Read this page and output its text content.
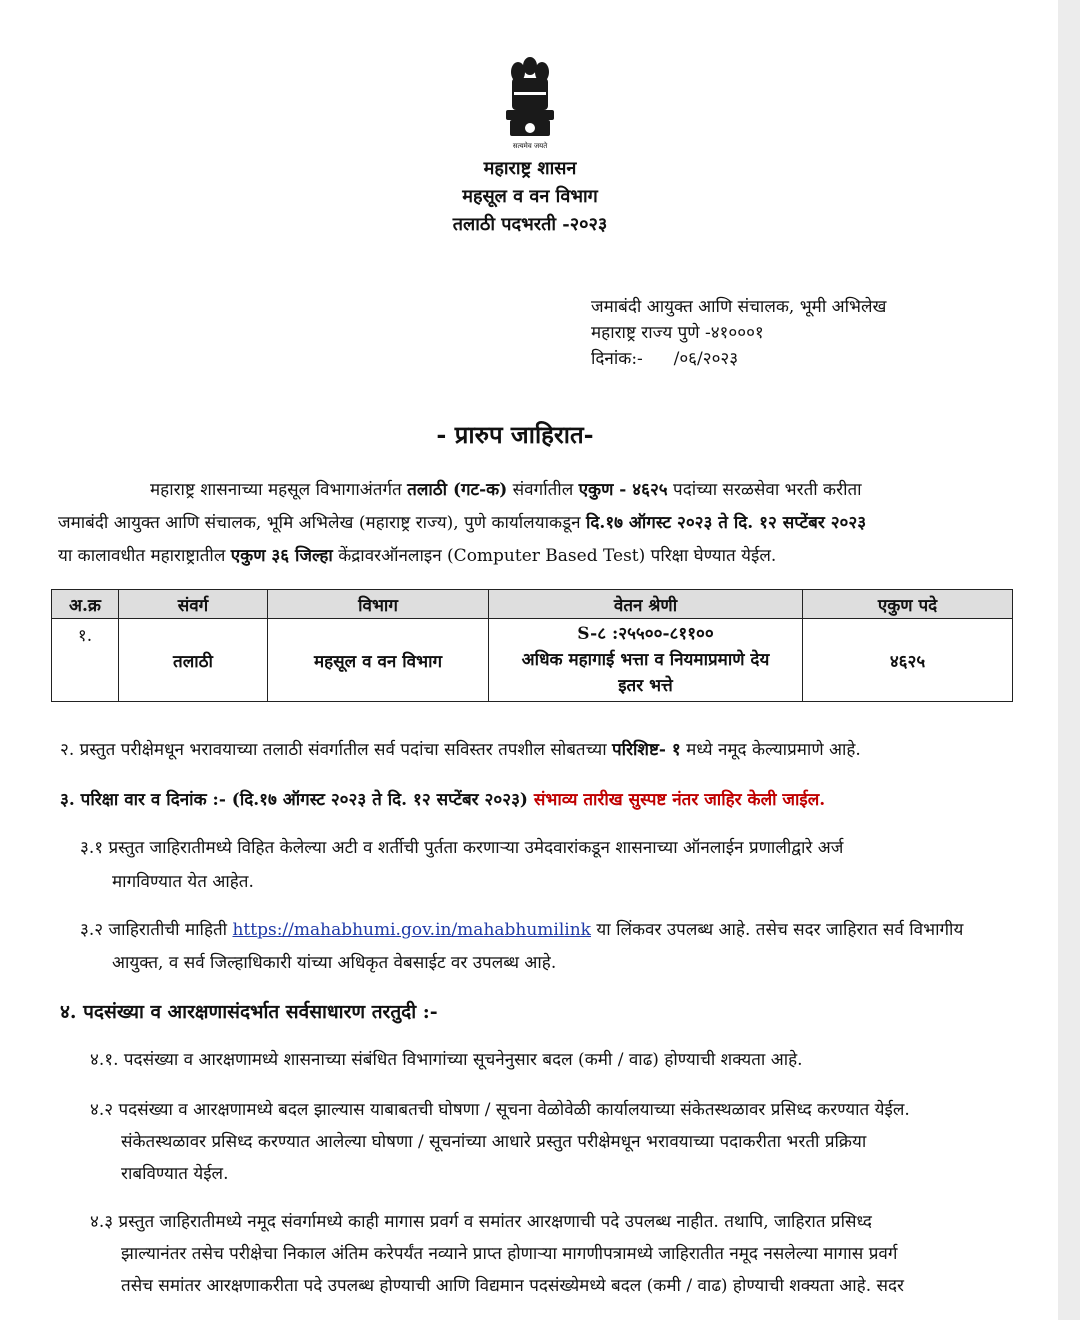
सत्यमेव जयते
महाराष्ट्र शासन
महसूल व वन विभाग
तलाठी पदभरती -२०२३
जमाबंदी आयुक्त आणि संचालक, भूमी अभिलेख
महाराष्ट्र राज्य पुणे -४१०००१
दिनांक:- /०६/२०२३
- प्रारुप जाहिरात-
महाराष्ट्र शासनाच्या महसूल विभागाअंतर्गत तलाठी (गट-क) संवर्गातील एकुण - ४६२५ पदांच्या सरळसेवा भरती करीता
जमाबंदी आयुक्त आणि संचालक, भूमि अभिलेख (महाराष्ट्र राज्य), पुणे कार्यालयाकडून दि.१७ ऑगस्ट २०२३ ते दि. १२ सप्टेंबर २०२३
या कालावधीत महाराष्ट्रातील एकुण ३६ जिल्हा केंद्रावरऑनलाइन (Computer Based Test) परिक्षा घेण्यात येईल.
अ.क्र	संवर्ग	विभाग	वेतन श्रेणी	एकुण पदे
१.	तलाठी	महसूल व वन विभाग	S-८ :२५५००-८११००
अधिक महागाई भत्ता व नियमाप्रमाणे देय
इतर भत्ते	४६२५
२. प्रस्तुत परीक्षेमधून भरावयाच्या तलाठी संवर्गातील सर्व पदांचा सविस्तर तपशील सोबतच्या परिशिष्ट- १ मध्ये नमूद केल्याप्रमाणे आहे.
३. परिक्षा वार व दिनांक :- (दि.१७ ऑगस्ट २०२३ ते दि. १२ सप्टेंबर २०२३) संभाव्य तारीख सुस्पष्ट नंतर जाहिर केली जाईल.
३.१ प्रस्तुत जाहिरातीमध्ये विहित केलेल्या अटी व शर्तीची पुर्तता करणाऱ्या उमेदवारांकडून शासनाच्या ऑनलाईन प्रणालीद्वारे अर्ज
मागविण्यात येत आहेत.
३.२ जाहिरातीची माहिती https://mahabhumi.gov.in/mahabhumilink या लिंकवर उपलब्ध आहे. तसेच सदर जाहिरात सर्व विभागीय
आयुक्त, व सर्व जिल्हाधिकारी यांच्या अधिकृत वेबसाईट वर उपलब्ध आहे.
४. पदसंख्या व आरक्षणासंदर्भात सर्वसाधारण तरतुदी :-
४.१. पदसंख्या व आरक्षणामध्ये शासनाच्या संबंधित विभागांच्या सूचनेनुसार बदल (कमी / वाढ) होण्याची शक्यता आहे.
४.२ पदसंख्या व आरक्षणामध्ये बदल झाल्यास याबाबतची घोषणा / सूचना वेळोवेळी कार्यालयाच्या संकेतस्थळावर प्रसिध्द करण्यात येईल.
संकेतस्थळावर प्रसिध्द करण्यात आलेल्या घोषणा / सूचनांच्या आधारे प्रस्तुत परीक्षेमधून भरावयाच्या पदाकरीता भरती प्रक्रिया
राबविण्यात येईल.
४.३ प्रस्तुत जाहिरातीमध्ये नमूद संवर्गामध्ये काही मागास प्रवर्ग व समांतर आरक्षणाची पदे उपलब्ध नाहीत. तथापि, जाहिरात प्रसिध्द
झाल्यानंतर तसेच परीक्षेचा निकाल अंतिम करेपर्यंत नव्याने प्राप्त होणाऱ्या मागणीपत्रामध्ये जाहिरातीत नमूद नसलेल्या मागास प्रवर्ग
तसेच समांतर आरक्षणाकरीता पदे उपलब्ध होण्याची आणि विद्यमान पदसंख्येमध्ये बदल (कमी / वाढ) होण्याची शक्यता आहे. सदर
